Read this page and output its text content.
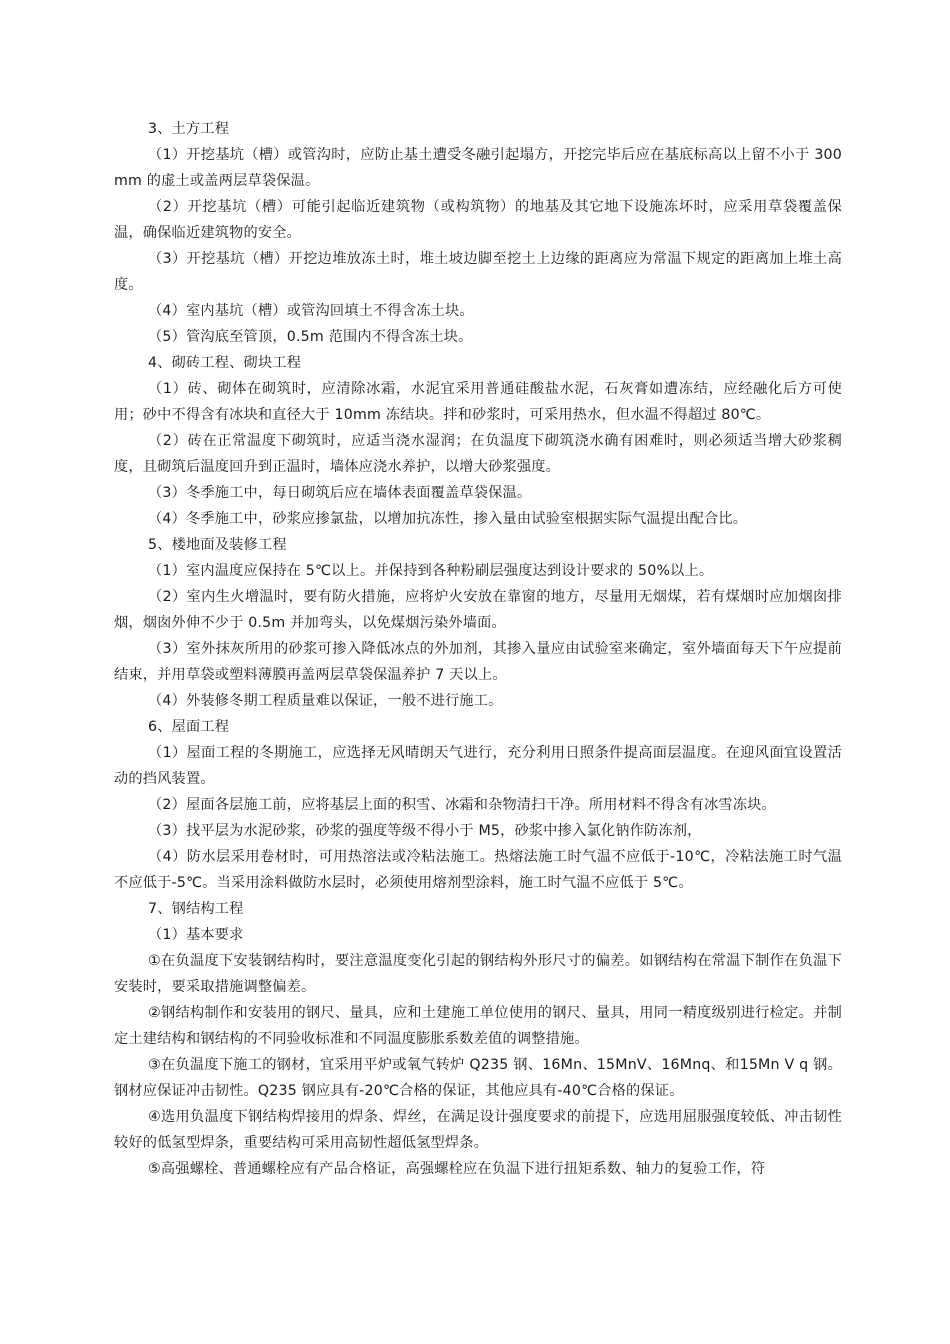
3、土方工程

（1）开挖基坑（槽）或管沟时，应防止基土遭受冬融引起塌方，开挖完毕后应在基底标高以上留不小于 300mm 的虚土或盖两层草袋保温。

（2）开挖基坑（槽）可能引起临近建筑物（或构筑物）的地基及其它地下设施冻坏时，应采用草袋覆盖保温，确保临近建筑物的安全。

（3）开挖基坑（槽）开挖边堆放冻土时，堆土坡边脚至挖土上边缘的距离应为常温下规定的距离加上堆土高度。

（4）室内基坑（槽）或管沟回填土不得含冻土块。

（5）管沟底至管顶，0.5m 范围内不得含冻土块。

4、砌砖工程、砌块工程

（1）砖、砌体在砌筑时，应清除冰霜，水泥宜采用普通硅酸盐水泥，石灰膏如遭冻结，应经融化后方可使用；砂中不得含有冰块和直径大于 10mm 冻结块。拌和砂浆时，可采用热水，但水温不得超过 80℃。

（2）砖在正常温度下砌筑时，应适当浇水湿润；在负温度下砌筑浇水确有困难时，则必须适当增大砂浆稠度，且砌筑后温度回升到正温时，墙体应浇水养护，以增大砂浆强度。

（3）冬季施工中，每日砌筑后应在墙体表面覆盖草袋保温。

（4）冬季施工中，砂浆应掺氯盐，以增加抗冻性，掺入量由试验室根据实际气温提出配合比。

5、楼地面及装修工程

（1）室内温度应保持在 5℃以上。并保持到各种粉刷层强度达到设计要求的 50%以上。

（2）室内生火增温时，要有防火措施，应将炉火安放在靠窗的地方，尽量用无烟煤，若有煤烟时应加烟囱排烟，烟囱外伸不少于 0.5m 并加弯头，以免煤烟污染外墙面。

（3）室外抹灰所用的砂浆可掺入降低冰点的外加剂，其掺入量应由试验室来确定，室外墙面每天下午应提前结束，并用草袋或塑料薄膜再盖两层草袋保温养护 7 天以上。

（4）外装修冬期工程质量难以保证，一般不进行施工。

6、屋面工程

（1）屋面工程的冬期施工，应选择无风晴朗天气进行，充分利用日照条件提高面层温度。在迎风面宜设置活动的挡风装置。

（2）屋面各层施工前，应将基层上面的积雪、冰霜和杂物清扫干净。所用材料不得含有冰雪冻块。

（3）找平层为水泥砂浆，砂浆的强度等级不得小于 M5，砂浆中掺入氯化钠作防冻剂，

（4）防水层采用卷材时，可用热溶法或冷粘法施工。热熔法施工时气温不应低于-10℃，冷粘法施工时气温不应低于-5℃。当采用涂料做防水层时，必须使用熔剂型涂料，施工时气温不应低于 5℃。

7、钢结构工程

（1）基本要求

①在负温度下安装钢结构时，要注意温度变化引起的钢结构外形尺寸的偏差。如钢结构在常温下制作在负温下安装时，要采取措施调整偏差。

②钢结构制作和安装用的钢尺、量具，应和土建施工单位使用的钢尺、量具，用同一精度级别进行检定。并制定土建结构和钢结构的不同验收标准和不同温度膨胀系数差值的调整措施。

③在负温度下施工的钢材，宜采用平炉或氧气转炉 Q235 钢、16Mn、15MnV、16Mnq、和15Mn V q 钢。钢材应保证冲击韧性。Q235 钢应具有-20℃合格的保证，其他应具有-40℃合格的保证。

④选用负温度下钢结构焊接用的焊条、焊丝，在满足设计强度要求的前提下，应选用屈服强度较低、冲击韧性较好的低氢型焊条，重要结构可采用高韧性超低氢型焊条。

⑤高强螺栓、普通螺栓应有产品合格证，高强螺栓应在负温下进行扭矩系数、轴力的复验工作，符
